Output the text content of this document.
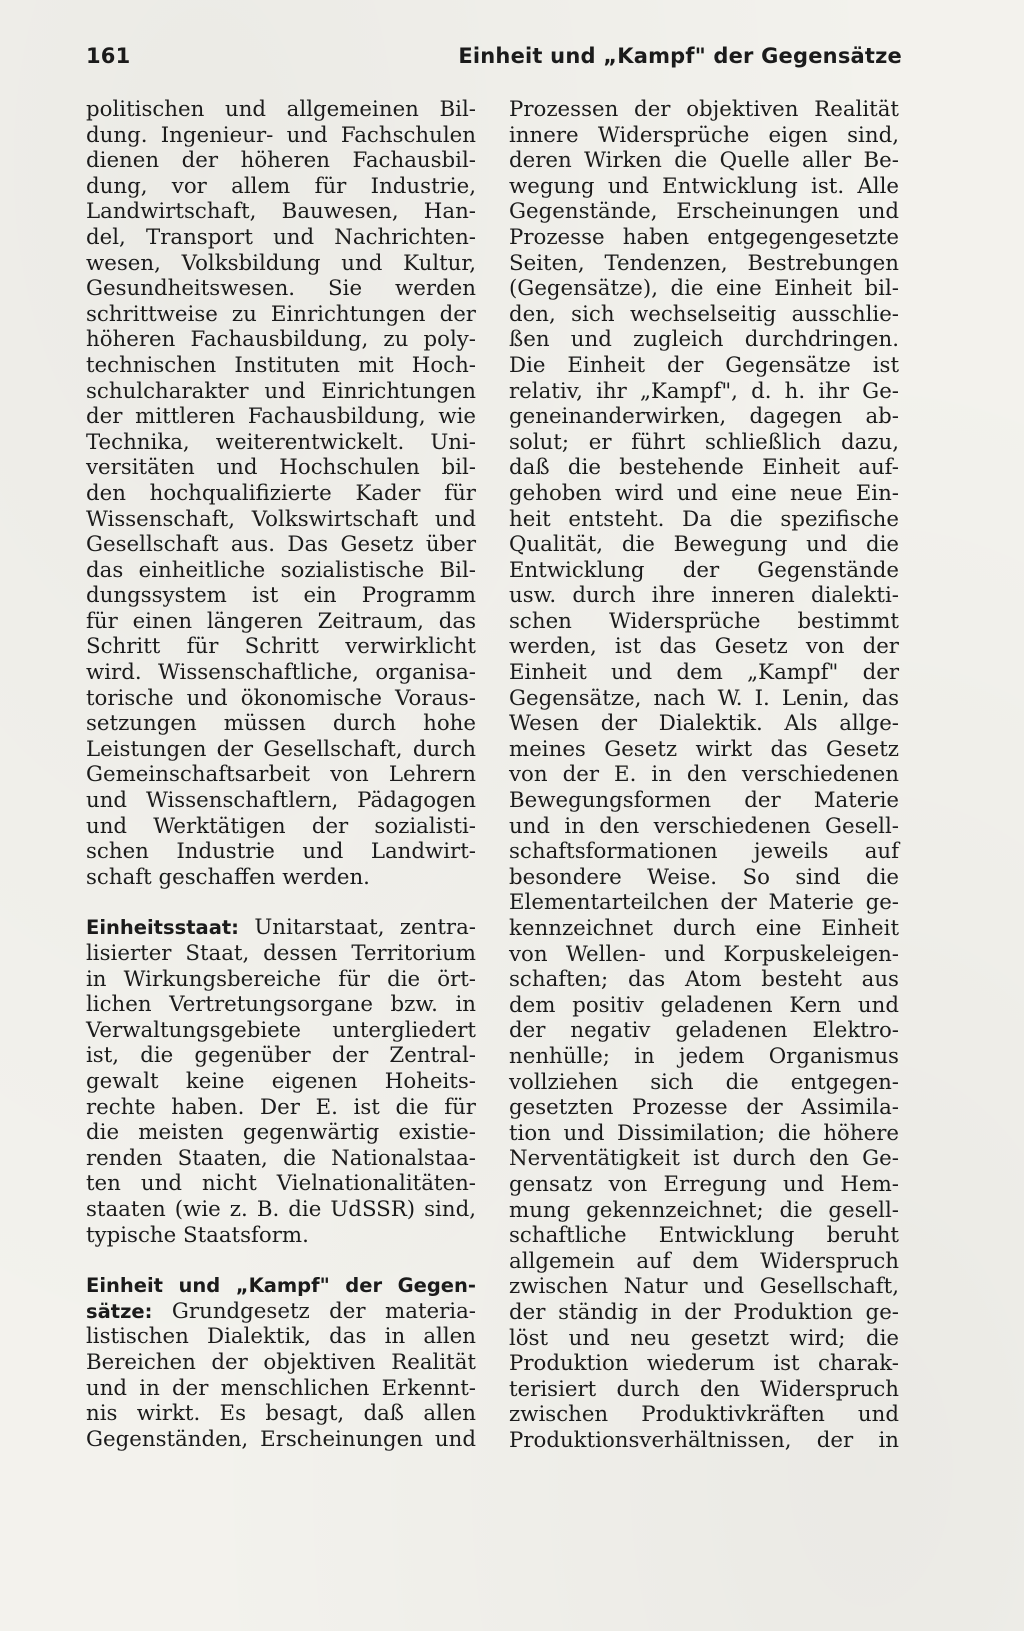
161	Einheit und „Kampf" der Gegensätze
politischen und allgemeinen Bil-
dung. Ingenieur- und Fachschulen
dienen der höheren Fachausbil-
dung, vor allem für Industrie,
Landwirtschaft, Bauwesen, Han-
del, Transport und Nachrichten-
wesen, Volksbildung und Kultur,
Gesundheitswesen. Sie werden
schrittweise zu Einrichtungen der
höheren Fachausbildung, zu poly-
technischen Instituten mit Hoch-
schulcharakter und Einrichtungen
der mittleren Fachausbildung, wie
Technika, weiterentwickelt. Uni-
versitäten und Hochschulen bil-
den hochqualifizierte Kader für
Wissenschaft, Volkswirtschaft und
Gesellschaft aus. Das Gesetz über
das einheitliche sozialistische Bil-
dungssystem ist ein Programm
für einen längeren Zeitraum, das
Schritt für Schritt verwirklicht
wird. Wissenschaftliche, organisa-
torische und ökonomische Voraus-
setzungen müssen durch hohe
Leistungen der Gesellschaft, durch
Gemeinschaftsarbeit von Lehrern
und Wissenschaftlern, Pädagogen
und Werktätigen der sozialisti-
schen Industrie und Landwirt-
schaft geschaffen werden.
Einheitsstaat: Unitarstaat, zentra-
lisierter Staat, dessen Territorium
in Wirkungsbereiche für die ört-
lichen Vertretungsorgane bzw. in
Verwaltungsgebiete untergliedert
ist, die gegenüber der Zentral-
gewalt keine eigenen Hoheits-
rechte haben. Der E. ist die für
die meisten gegenwärtig existie-
renden Staaten, die Nationalstaa-
ten und nicht Vielnationalitäten-
staaten (wie z. B. die UdSSR) sind,
typische Staatsform.
Einheit und „Kampf" der Gegen-
sätze: Grundgesetz der materia-
listischen Dialektik, das in allen
Bereichen der objektiven Realität
und in der menschlichen Erkennt-
nis wirkt. Es besagt, daß allen
Gegenständen, Erscheinungen und
Prozessen der objektiven Realität
innere Widersprüche eigen sind,
deren Wirken die Quelle aller Be-
wegung und Entwicklung ist. Alle
Gegenstände, Erscheinungen und
Prozesse haben entgegengesetzte
Seiten, Tendenzen, Bestrebungen
(Gegensätze), die eine Einheit bil-
den, sich wechselseitig ausschlie-
ßen und zugleich durchdringen.
Die Einheit der Gegensätze ist
relativ, ihr „Kampf", d. h. ihr Ge-
geneinanderwirken, dagegen ab-
solut; er führt schließlich dazu,
daß die bestehende Einheit auf-
gehoben wird und eine neue Ein-
heit entsteht. Da die spezifische
Qualität, die Bewegung und die
Entwicklung der Gegenstände
usw. durch ihre inneren dialekti-
schen Widersprüche bestimmt
werden, ist das Gesetz von der
Einheit und dem „Kampf" der
Gegensätze, nach W. I. Lenin, das
Wesen der Dialektik. Als allge-
meines Gesetz wirkt das Gesetz
von der E. in den verschiedenen
Bewegungsformen der Materie
und in den verschiedenen Gesell-
schaftsformationen jeweils auf
besondere Weise. So sind die
Elementarteilchen der Materie ge-
kennzeichnet durch eine Einheit
von Wellen- und Korpuskeleigen-
schaften; das Atom besteht aus
dem positiv geladenen Kern und
der negativ geladenen Elektro-
nenhülle; in jedem Organismus
vollziehen sich die entgegen-
gesetzten Prozesse der Assimila-
tion und Dissimilation; die höhere
Nerventätigkeit ist durch den Ge-
gensatz von Erregung und Hem-
mung gekennzeichnet; die gesell-
schaftliche Entwicklung beruht
allgemein auf dem Widerspruch
zwischen Natur und Gesellschaft,
der ständig in der Produktion ge-
löst und neu gesetzt wird; die
Produktion wiederum ist charak-
terisiert durch den Widerspruch
zwischen Produktivkräften und
Produktionsverhältnissen, der in
